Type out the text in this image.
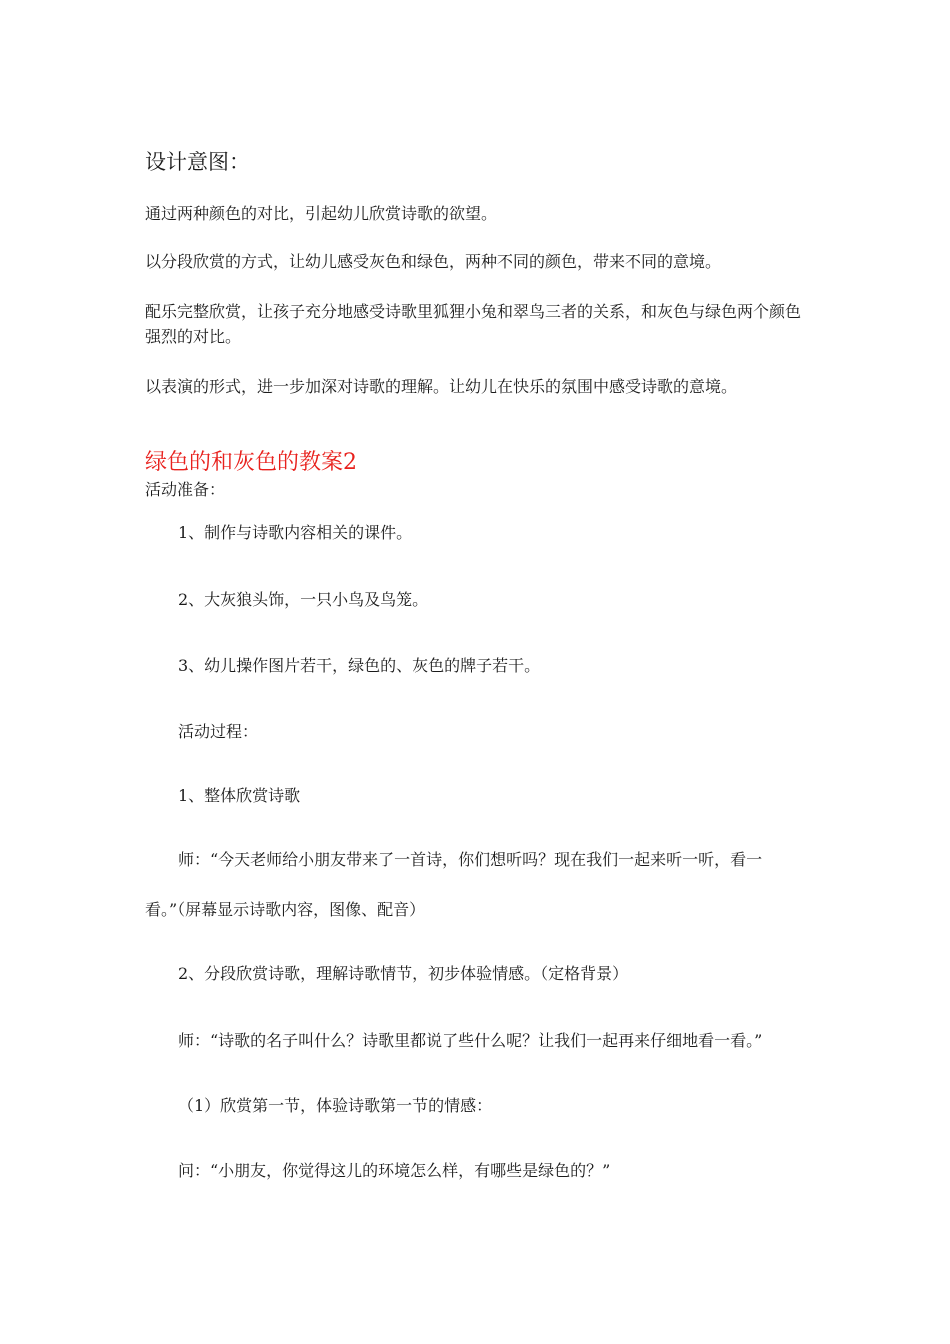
设计意图：

通过两种颜色的对比，引起幼儿欣赏诗歌的欲望。

以分段欣赏的方式，让幼儿感受灰色和绿色，两种不同的颜色，带来不同的意境。

配乐完整欣赏，让孩子充分地感受诗歌里狐狸小兔和翠鸟三者的关系，和灰色与绿色两个颜色强烈的对比。

以表演的形式，进一步加深对诗歌的理解。让幼儿在快乐的氛围中感受诗歌的意境。

绿色的和灰色的教案2

活动准备：

1、制作与诗歌内容相关的课件。

2、大灰狼头饰，一只小鸟及鸟笼。

3、幼儿操作图片若干，绿色的、灰色的牌子若干。

活动过程：

1、整体欣赏诗歌

师：“今天老师给小朋友带来了一首诗，你们想听吗？现在我们一起来听一听，看一

看。”（屏幕显示诗歌内容，图像、配音）

2、分段欣赏诗歌，理解诗歌情节，初步体验情感。（定格背景）

师：“诗歌的名子叫什么？诗歌里都说了些什么呢？让我们一起再来仔细地看一看。”

（1）欣赏第一节，体验诗歌第一节的情感：

问：“小朋友，你觉得这儿的环境怎么样，有哪些是绿色的？”
